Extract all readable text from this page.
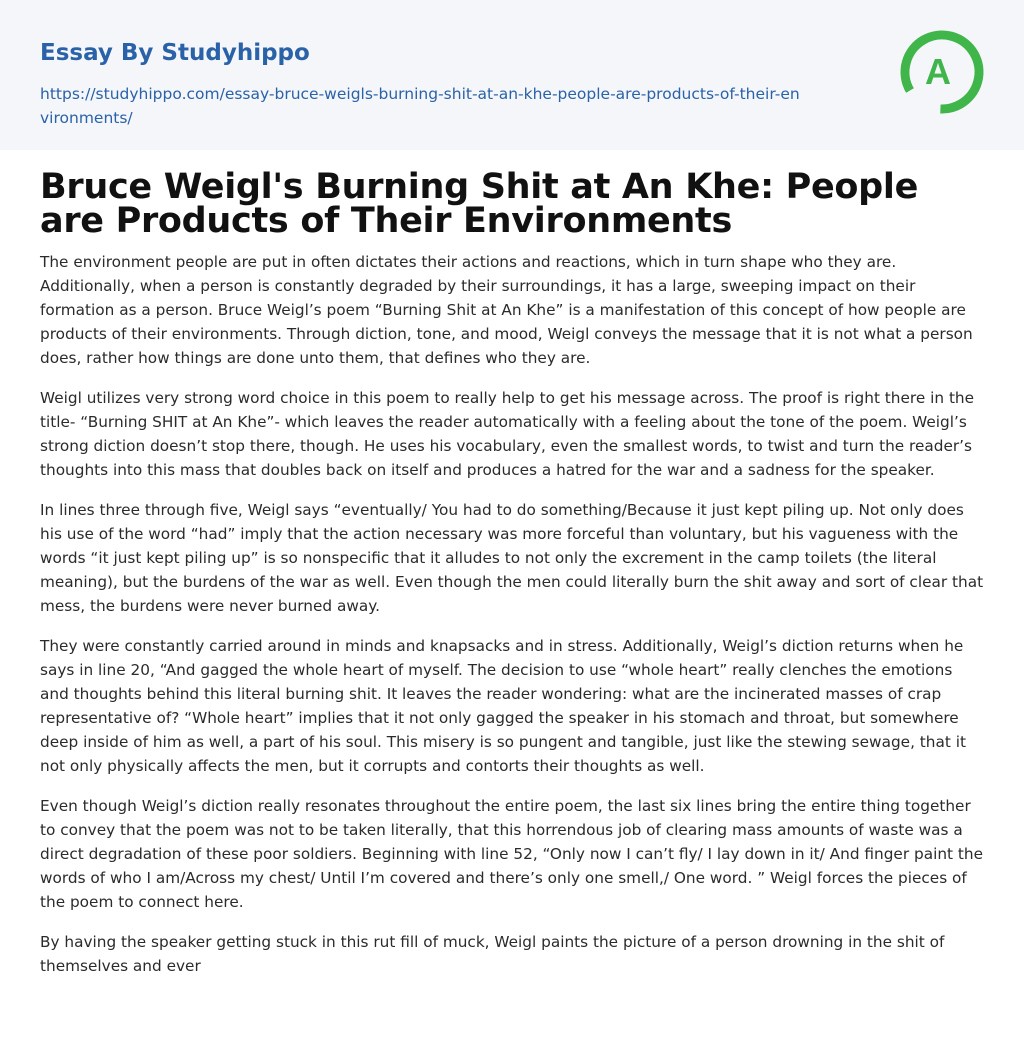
Essay By Studyhippo
https://studyhippo.com/essay-bruce-weigls-burning-shit-at-an-khe-people-are-products-of-their-environments/
A
Bruce Weigl's Burning Shit at An Khe: People are Products of Their Environments

The environment people are put in often dictates their actions and reactions, which in turn shape who they are. Additionally, when a person is constantly degraded by their surroundings, it has a large, sweeping impact on their formation as a person. Bruce Weigl’s poem “Burning Shit at An Khe” is a manifestation of this concept of how people are products of their environments. Through diction, tone, and mood, Weigl conveys the message that it is not what a person does, rather how things are done unto them, that defines who they are.

Weigl utilizes very strong word choice in this poem to really help to get his message across. The proof is right there in the title- “Burning SHIT at An Khe”- which leaves the reader automatically with a feeling about the tone of the poem. Weigl’s strong diction doesn’t stop there, though. He uses his vocabulary, even the smallest words, to twist and turn the reader’s thoughts into this mass that doubles back on itself and produces a hatred for the war and a sadness for the speaker.

In lines three through five, Weigl says “eventually/ You had to do something/Because it just kept piling up. Not only does his use of the word “had” imply that the action necessary was more forceful than voluntary, but his vagueness with the words “it just kept piling up” is so nonspecific that it alludes to not only the excrement in the camp toilets (the literal meaning), but the burdens of the war as well. Even though the men could literally burn the shit away and sort of clear that mess, the burdens were never burned away.

They were constantly carried around in minds and knapsacks and in stress. Additionally, Weigl’s diction returns when he says in line 20, “And gagged the whole heart of myself. The decision to use “whole heart” really clenches the emotions and thoughts behind this literal burning shit. It leaves the reader wondering: what are the incinerated masses of crap representative of? “Whole heart” implies that it not only gagged the speaker in his stomach and throat, but somewhere deep inside of him as well, a part of his soul. This misery is so pungent and tangible, just like the stewing sewage, that it not only physically affects the men, but it corrupts and contorts their thoughts as well.

Even though Weigl’s diction really resonates throughout the entire poem, the last six lines bring the entire thing together to convey that the poem was not to be taken literally, that this horrendous job of clearing mass amounts of waste was a direct degradation of these poor soldiers. Beginning with line 52, “Only now I can’t fly/ I lay down in it/ And finger paint the words of who I am/Across my chest/ Until I’m covered and there’s only one smell,/ One word. ” Weigl forces the pieces of the poem to connect here.

By having the speaker getting stuck in this rut fill of muck, Weigl paints the picture of a person drowning in the shit of themselves and ever
